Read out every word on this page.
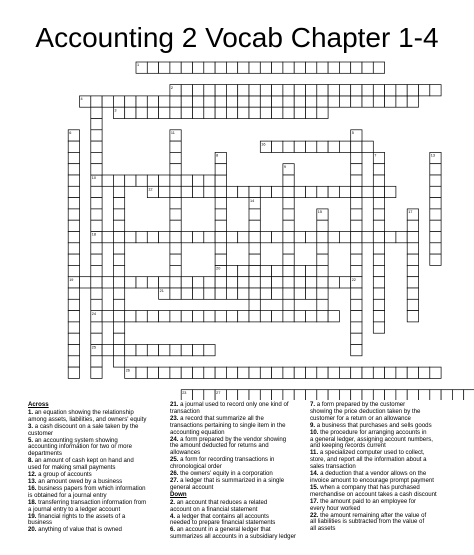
Accounting 2 Vocab Chapter 1-4
1
4
2
3
16
10
12
18
20
19
21
24
25
26
23	27
6	11
8
14
9
15
5
22
7
17
13
Across
1. an equation showing the relationship
among assets, liabilities, and owners' equity
3. a cash discount on a sale taken by the
customer
5. an accounting system showing
accounting information for two or more
departments
8. an amount of cash kept on hand and
used for making small payments
12. a group of accounts
13. an amount owed by a business
16. business papers from which information
is obtained for a journal entry
18. transferring transaction information from
a journal entry to a ledger account
19. financial rights to the assets of a
business
20. anything of value that is owned
21. a journal used to record only one kind of
transaction
23. a record that summarize all the
transactions pertaining to single item in the
accounting equation
24. a form prepared by the vendor showing
the amount deducted for returns and
allowances
25. a form for recording transactions in
chronological order
26. the owners' equity in a corporation
27. a ledger that is summarized in a single
general account
Down
2. an account that reduces a related
account on a financial statement
4. a ledger that contains all accounts
needed to prepare financial statements
6. an account in a general ledger that
summarizes all accounts in a subsidiary ledger
7. a form prepared by the customer
showing the price deduction taken by the
customer for a return or an allowance
9. a business that purchases and sells goods
10. the procedure for arranging accounts in
a general ledger, assigning account numbers,
and keeping records current
11. a specialized computer used to collect,
store, and report all the information about a
sales transaction
14. a deduction that a vendor allows on the
invoice amount to encourage prompt payment
15. when a company that has purchased
merchandise on account takes a cash discount
17. the amount paid to an employee for
every hour worked
22. the amount remaining after the value of
all liabilities is subtracted from the value of
all assets
